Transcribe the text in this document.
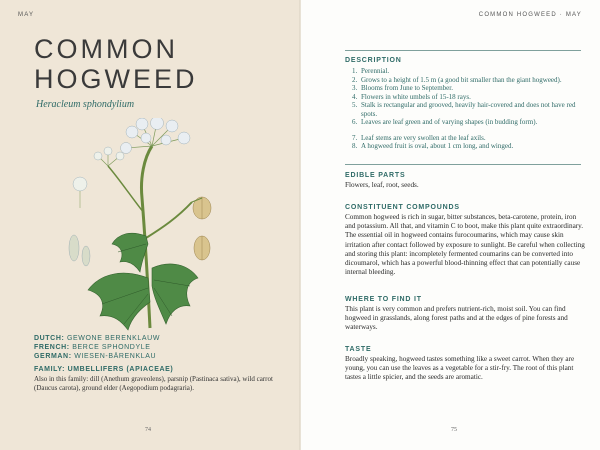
MAY
COMMON
HOGWEED
Heracleum sphondylium
DUTCH: GEWONE BERENKLAUW
FRENCH: BERCE SPHONDYLE
GERMAN: WIESEN-BÄRENKLAU
FAMILY: UMBELLIFERS (APIACEAE)
Also in this family: dill (Anethum graveolens), parsnip (Pastinaca sativa), wild carrot (Daucus carota), ground elder (Aegopodium podagraria).
74
COMMON HOGWEED · MAY
DESCRIPTION
1. Perennial.
2. Grows to a height of 1.5 m (a good bit smaller than the giant hogweed).
3. Blooms from June to September.
4. Flowers in white umbels of 15-18 rays.
5. Stalk is rectangular and grooved, heavily hair-covered and does not have red spots.
6. Leaves are leaf green and of varying shapes (in budding form).
7. Leaf stems are very swollen at the leaf axils.
8. A hogweed fruit is oval, about 1 cm long, and winged.
EDIBLE PARTS
Flowers, leaf, root, seeds.
CONSTITUENT COMPOUNDS
Common hogweed is rich in sugar, bitter substances, beta-carotene, protein, iron and potassium. All that, and vitamin C to boot, make this plant quite extraordinary. The essential oil in hogweed contains furocoumarins, which may cause skin irritation after contact followed by exposure to sunlight. Be careful when collecting and storing this plant: incompletely fermented coumarins can be converted into dicoumarol, which has a powerful blood-thinning effect that can potentially cause internal bleeding.
WHERE TO FIND IT
This plant is very common and prefers nutrient-rich, moist soil. You can find hogweed in grasslands, along forest paths and at the edges of pine forests and waterways.
TASTE
Broadly speaking, hogweed tastes something like a sweet carrot. When they are young, you can use the leaves as a vegetable for a stir-fry. The root of this plant tastes a little spicier, and the seeds are aromatic.
75
